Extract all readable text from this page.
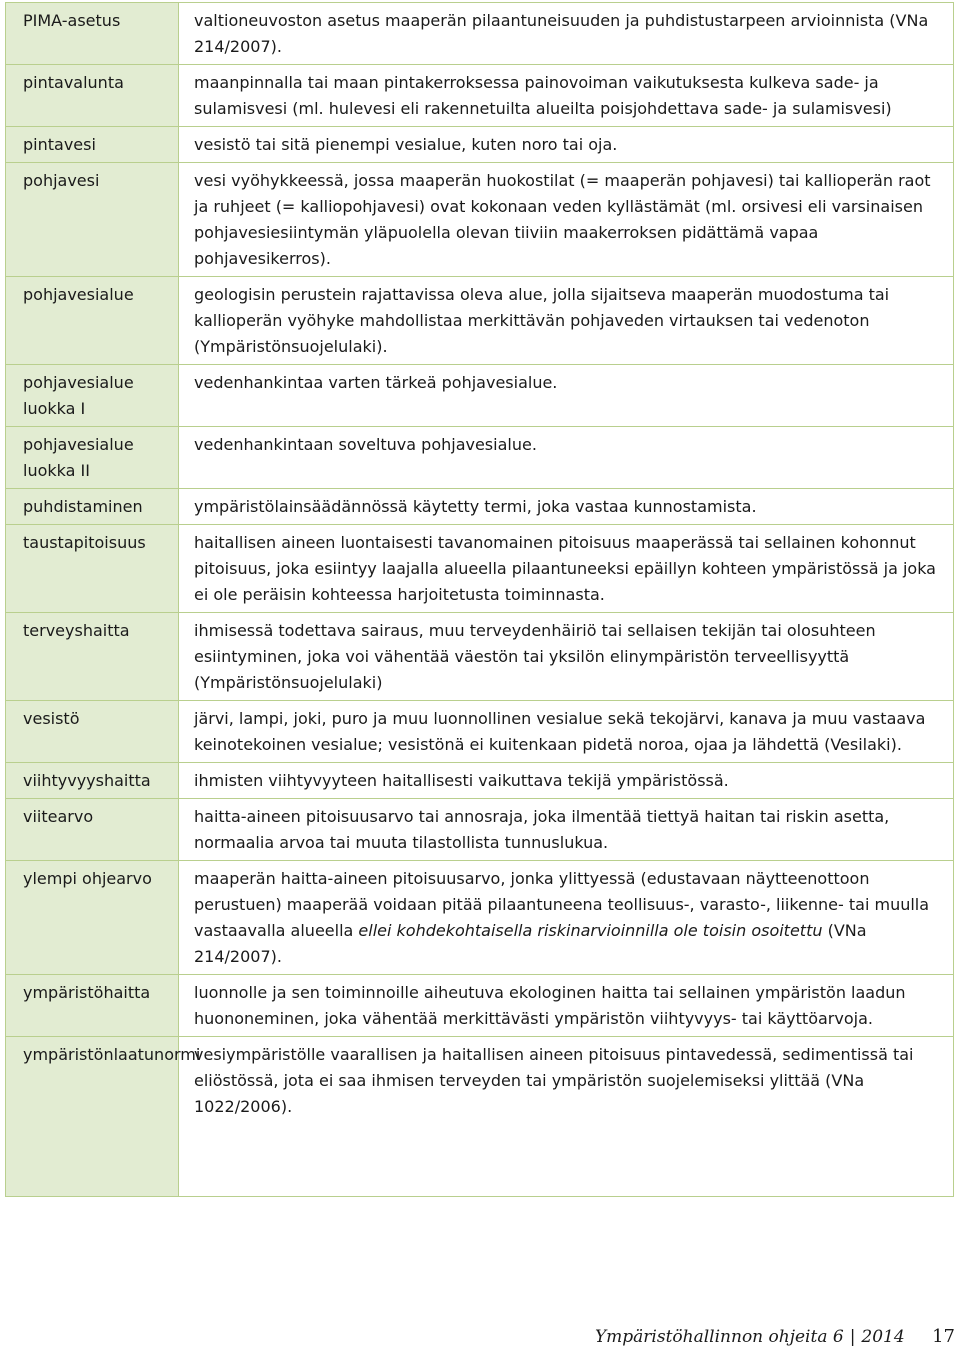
PIMA-asetus	valtioneuvoston asetus maaperän pilaantuneisuuden ja puhdistustarpeen arvioinnista (VNa 214/2007).
pintavalunta	maanpinnalla tai maan pintakerroksessa painovoiman vaikutuksesta kulkeva sade- ja sulamisvesi (ml. hulevesi eli rakennetuilta alueilta poisjohdettava sade- ja sulamisvesi)
pintavesi	vesistö tai sitä pienempi vesialue, kuten noro tai oja.
pohjavesi	vesi vyöhykkeessä, jossa maaperän huokostilat (= maaperän pohjavesi) tai kallioperän raot ja ruhjeet (= kalliopohjavesi) ovat kokonaan veden kyllästämät (ml. orsivesi eli varsinaisen pohjavesiesiintymän yläpuolella olevan tiiviin maakerroksen pidättämä vapaa pohjavesikerros).
pohjavesialue	geologisin perustein rajattavissa oleva alue, jolla sijaitseva maaperän muodostuma tai kallioperän vyöhyke mahdollistaa merkittävän pohjaveden virtauksen tai vedenoton (Ympäristönsuojelulaki).
pohjavesialue luokka I	vedenhankintaa varten tärkeä pohjavesialue.
pohjavesialue luokka II	vedenhankintaan soveltuva pohjavesialue.
puhdistaminen	ympäristölainsäädännössä käytetty termi, joka vastaa kunnostamista.
taustapitoisuus	haitallisen aineen luontaisesti tavanomainen pitoisuus maaperässä tai sellainen kohonnut pitoisuus, joka esiintyy laajalla alueella pilaantuneeksi epäillyn kohteen ympäristössä ja joka ei ole peräisin kohteessa harjoitetusta toiminnasta.
terveyshaitta	ihmisessä todettava sairaus, muu terveydenhäiriö tai sellaisen tekijän tai olosuhteen esiintyminen, joka voi vähentää väestön tai yksilön elinympäristön terveellisyyttä (Ympäristönsuojelulaki)
vesistö	järvi, lampi, joki, puro ja muu luonnollinen vesialue sekä tekojärvi, kanava ja muu vastaava keinotekoinen vesialue; vesistönä ei kuitenkaan pidetä noroa, ojaa ja lähdettä (Vesilaki).
viihtyvyyshaitta	ihmisten viihtyvyyteen haitallisesti vaikuttava tekijä ympäristössä.
viitearvo	haitta-aineen pitoisuusarvo tai annosraja, joka ilmentää tiettyä haitan tai riskin asetta, normaalia arvoa tai muuta tilastollista tunnuslukua.
ylempi ohjearvo	maaperän haitta-aineen pitoisuusarvo, jonka ylittyessä (edustavaan näytteenottoon perustuen) maaperää voidaan pitää pilaantuneena teollisuus-, varasto-, liikenne- tai muulla vastaavalla alueella ellei kohdekohtaisella riskinarvioinnilla ole toisin osoitettu (VNa 214/2007).
ympäristöhaitta	luonnolle ja sen toiminnoille aiheutuva ekologinen haitta tai sellainen ympäristön laadun huononeminen, joka vähentää merkittävästi ympäristön viihtyvyys- tai käyttöarvoja.
ympäristönlaatunormi	vesiympäristölle vaarallisen ja haitallisen aineen pitoisuus pintavedessä, sedimentissä tai eliöstössä, jota ei saa ihmisen terveyden tai ympäristön suojelemiseksi ylittää (VNa 1022/2006).
Ympäristöhallinnon ohjeita 6 | 2014 17
